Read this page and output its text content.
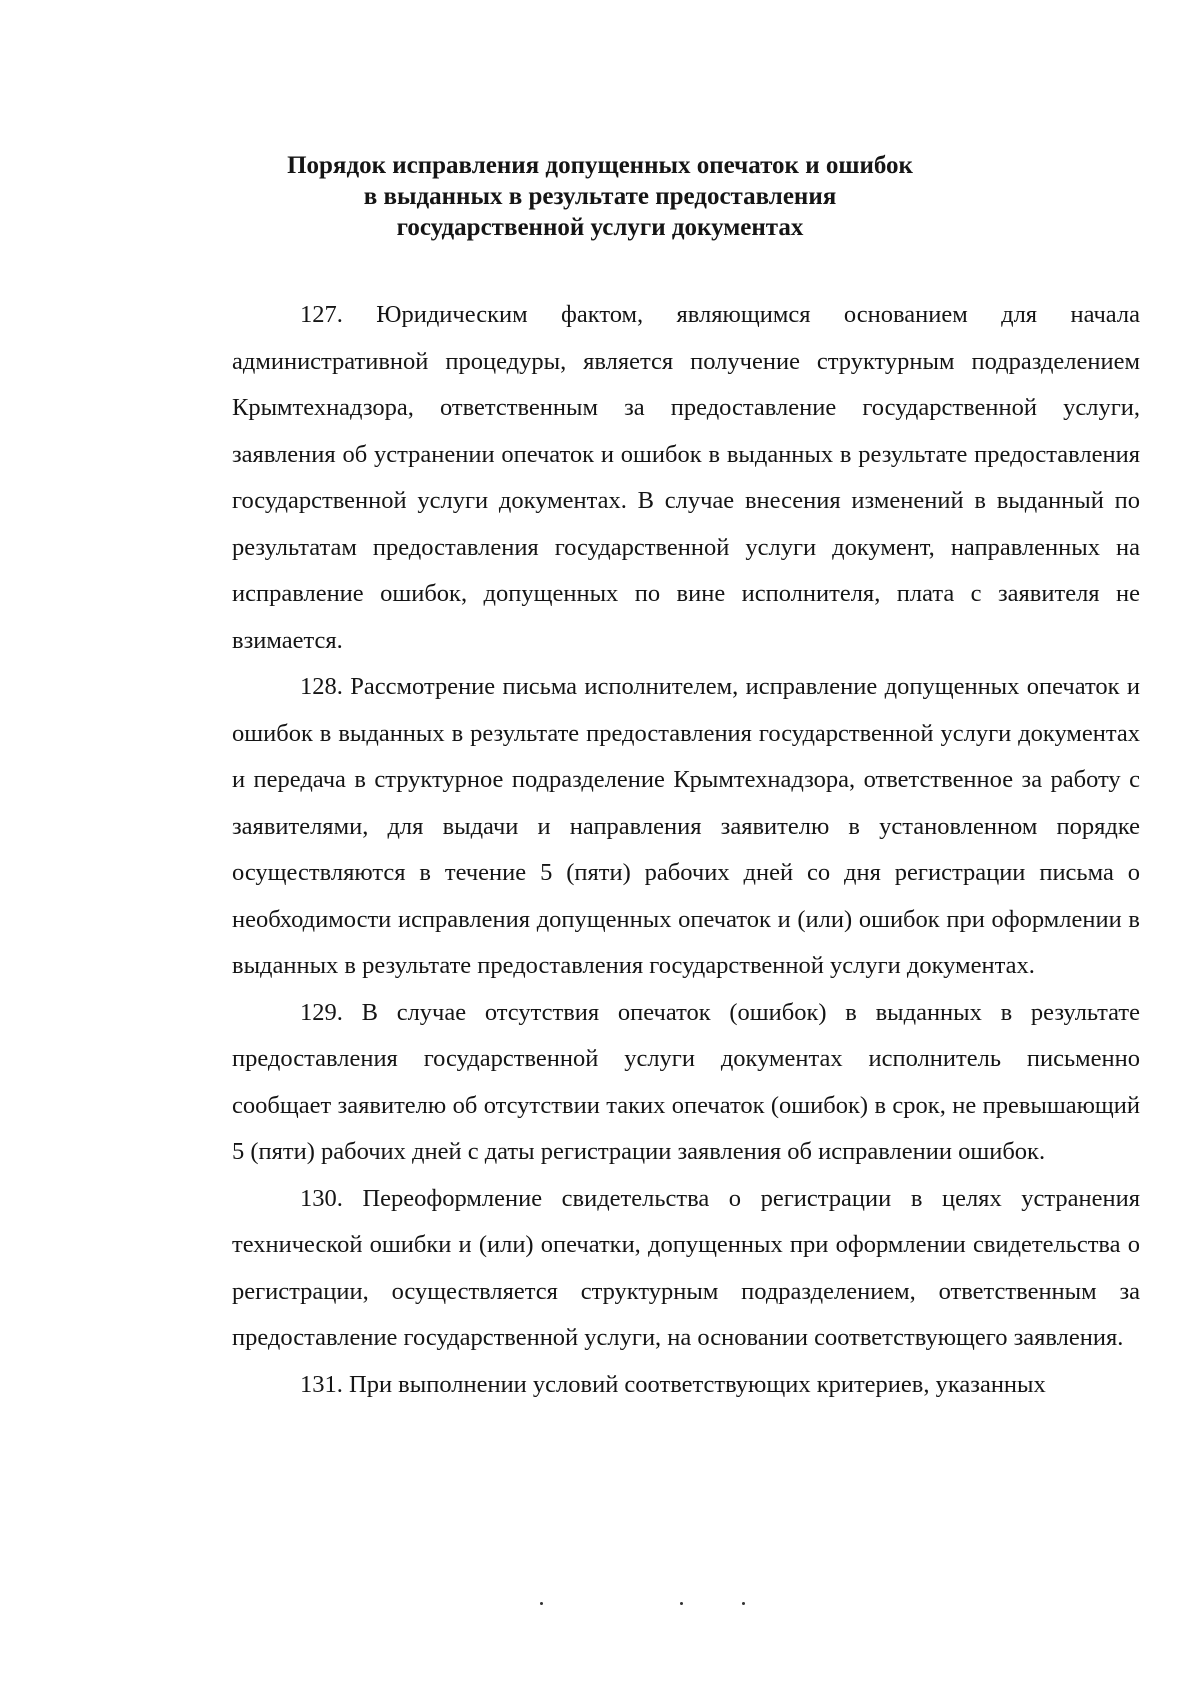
Порядок исправления допущенных опечаток и ошибок
в выданных в результате предоставления
государственной услуги документах

127. Юридическим фактом, являющимся основанием для начала административной процедуры, является получение структурным подразделением Крымтехнадзора, ответственным за предоставление государственной услуги, заявления об устранении опечаток и ошибок в выданных в результате предоставления государственной услуги документах. В случае внесения изменений в выданный по результатам предоставления государственной услуги документ, направленных на исправление ошибок, допущенных по вине исполнителя, плата с заявителя не взимается.

128. Рассмотрение письма исполнителем, исправление допущенных опечаток и ошибок в выданных в результате предоставления государственной услуги документах и передача в структурное подразделение Крымтехнадзора, ответственное за работу с заявителями, для выдачи и направления заявителю в установленном порядке осуществляются в течение 5 (пяти) рабочих дней со дня регистрации письма о необходимости исправления допущенных опечаток и (или) ошибок при оформлении в выданных в результате предоставления государственной услуги документах.

129. В случае отсутствия опечаток (ошибок) в выданных в результате предоставления государственной услуги документах исполнитель письменно сообщает заявителю об отсутствии таких опечаток (ошибок) в срок, не превышающий 5 (пяти) рабочих дней с даты регистрации заявления об исправлении ошибок.

130. Переоформление свидетельства о регистрации в целях устранения технической ошибки и (или) опечатки, допущенных при оформлении свидетельства о регистрации, осуществляется структурным подразделением, ответственным за предоставление государственной услуги, на основании соответствующего заявления.

131. При выполнении условий соответствующих критериев, указанных
